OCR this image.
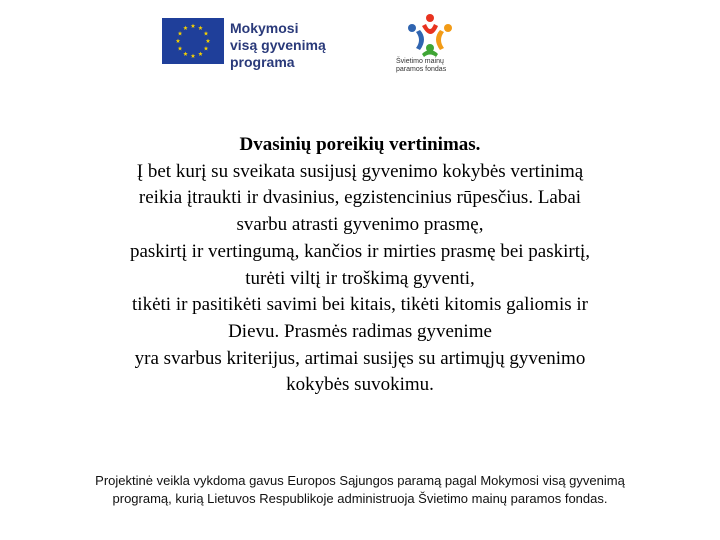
Mokymosi
visą gyvenimą
programa	Švietimo mainų
paramos fondas
Dvasinių poreikių vertinimas.
Į bet kurį su sveikata susijusį gyvenimo kokybės vertinimą
reikia įtraukti ir dvasinius, egzistencinius rūpesčius. Labai
svarbu atrasti gyvenimo prasmę,
paskirtį ir vertingumą, kančios ir mirties prasmę bei paskirtį,
turėti viltį ir troškimą gyventi,
tikėti ir pasitikėti savimi bei kitais, tikėti kitomis galiomis ir
Dievu. Prasmės radimas gyvenime
yra svarbus kriterijus, artimai susijęs su artimųjų gyvenimo
kokybės suvokimu.
Projektinė veikla vykdoma gavus Europos Sąjungos paramą pagal Mokymosi visą gyvenimą
programą, kurią Lietuvos Respublikoje administruoja Švietimo mainų paramos fondas.
